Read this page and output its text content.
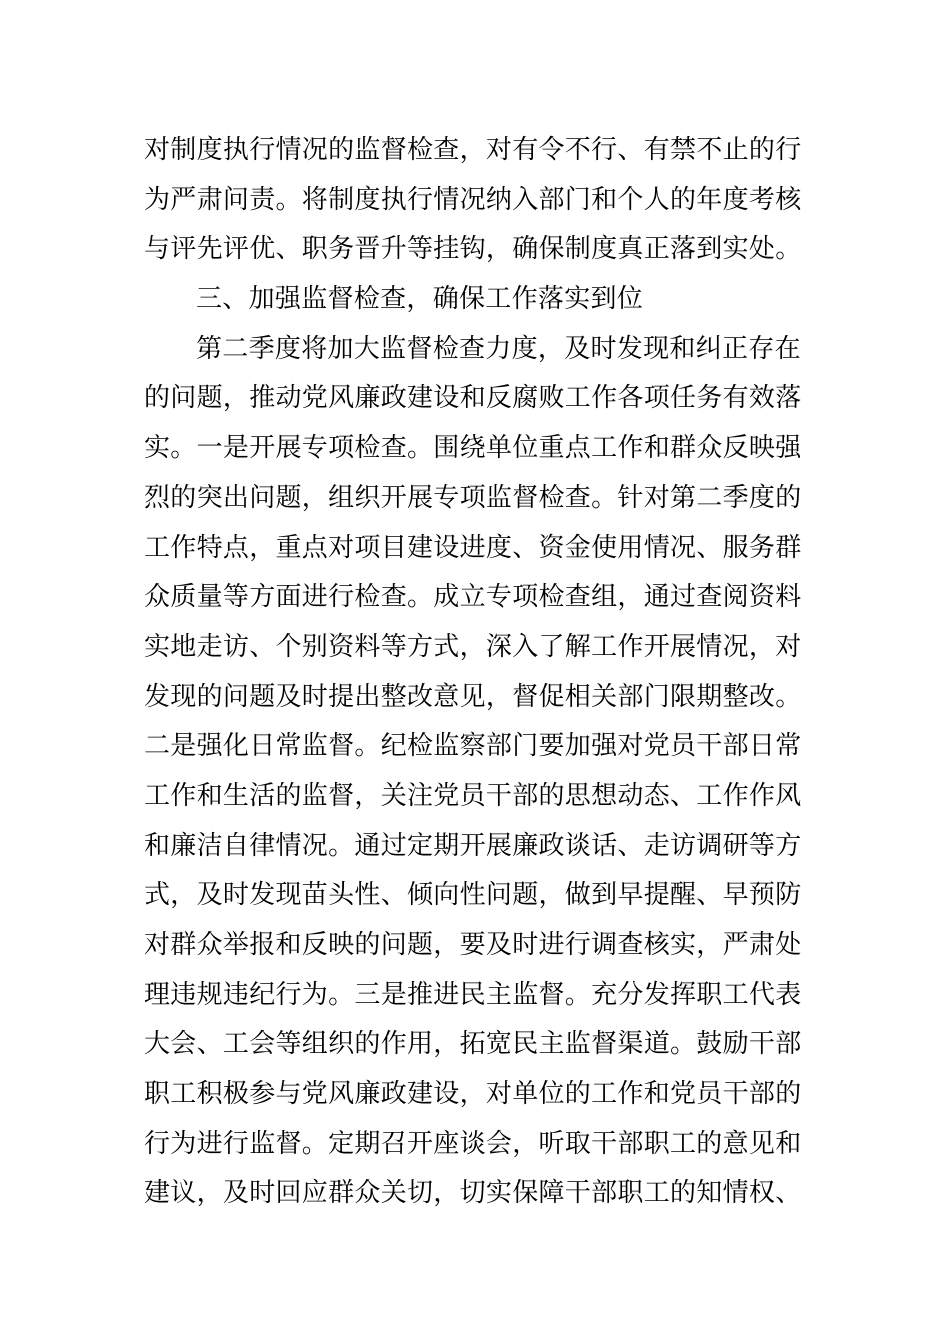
对制度执行情况的监督检查，对有令不行、有禁不止的行
为严肃问责。将制度执行情况纳入部门和个人的年度考核
与评先评优、职务晋升等挂钩，确保制度真正落到实处。
三、加强监督检查，确保工作落实到位
第二季度将加大监督检查力度，及时发现和纠正存在
的问题，推动党风廉政建设和反腐败工作各项任务有效落
实。一是开展专项检查。围绕单位重点工作和群众反映强
烈的突出问题，组织开展专项监督检查。针对第二季度的
工作特点，重点对项目建设进度、资金使用情况、服务群
众质量等方面进行检查。成立专项检查组，通过查阅资料
实地走访、个别资料等方式，深入了解工作开展情况，对
发现的问题及时提出整改意见，督促相关部门限期整改。
二是强化日常监督。纪检监察部门要加强对党员干部日常
工作和生活的监督，关注党员干部的思想动态、工作作风
和廉洁自律情况。通过定期开展廉政谈话、走访调研等方
式，及时发现苗头性、倾向性问题，做到早提醒、早预防
对群众举报和反映的问题，要及时进行调查核实，严肃处
理违规违纪行为。三是推进民主监督。充分发挥职工代表
大会、工会等组织的作用，拓宽民主监督渠道。鼓励干部
职工积极参与党风廉政建设，对单位的工作和党员干部的
行为进行监督。定期召开座谈会，听取干部职工的意见和
建议，及时回应群众关切，切实保障干部职工的知情权、
